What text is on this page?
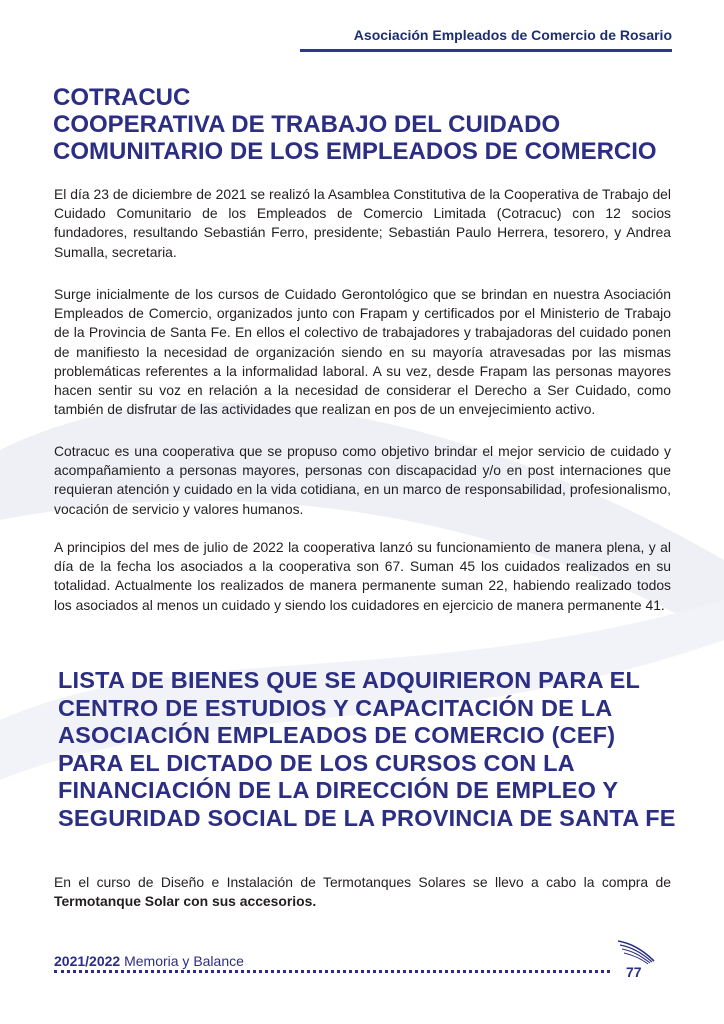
Asociación Empleados de Comercio de Rosario
COTRACUC
COOPERATIVA DE TRABAJO DEL CUIDADO
COMUNITARIO DE LOS EMPLEADOS DE COMERCIO

El día 23 de diciembre de 2021 se realizó la Asamblea Constitutiva de la Cooperativa de Trabajo del Cuidado Comunitario de los Empleados de Comercio Limitada (Cotracuc) con 12 socios fundadores, resultando Sebastián Ferro, presidente; Sebastián Paulo Herrera, tesorero, y Andrea Sumalla, secretaria.

Surge inicialmente de los cursos de Cuidado Gerontológico que se brindan en nuestra Asociación Empleados de Comercio, organizados junto con Frapam y certificados por el Ministerio de Trabajo de la Provincia de Santa Fe. En ellos el colectivo de trabajadores y trabajadoras del cuidado ponen de manifiesto la necesidad de organización siendo en su mayoría atravesadas por las mismas problemáticas referentes a la informalidad laboral. A su vez, desde Frapam las personas mayores hacen sentir su voz en relación a la necesidad de considerar el Derecho a Ser Cuidado, como también de disfrutar de las actividades que realizan en pos de un envejecimiento activo.

Cotracuc es una cooperativa que se propuso como objetivo brindar el mejor servicio de cuidado y acompañamiento a personas mayores, personas con discapacidad y/o en post internaciones que requieran atención y cuidado en la vida cotidiana, en un marco de responsabilidad, profesionalismo, vocación de servicio y valores humanos.

A principios del mes de julio de 2022 la cooperativa lanzó su funcionamiento de manera plena, y al día de la fecha los asociados a la cooperativa son 67. Suman 45 los cuidados realizados en su totalidad. Actualmente los realizados de manera permanente suman 22, habiendo realizado todos los asociados al menos un cuidado y siendo los cuidadores en ejercicio de manera permanente 41.

LISTA DE BIENES QUE SE ADQUIRIERON PARA EL
CENTRO DE ESTUDIOS Y CAPACITACIÓN DE LA
ASOCIACIÓN EMPLEADOS DE COMERCIO (CEF)
PARA EL DICTADO DE LOS CURSOS CON LA
FINANCIACIÓN DE LA DIRECCIÓN DE EMPLEO Y
SEGURIDAD SOCIAL DE LA PROVINCIA DE SANTA FE

En el curso de Diseño e Instalación de Termotanques Solares se llevo a cabo la compra de Termotanque Solar con sus accesorios.

2021/2022 Memoria y Balance
77
